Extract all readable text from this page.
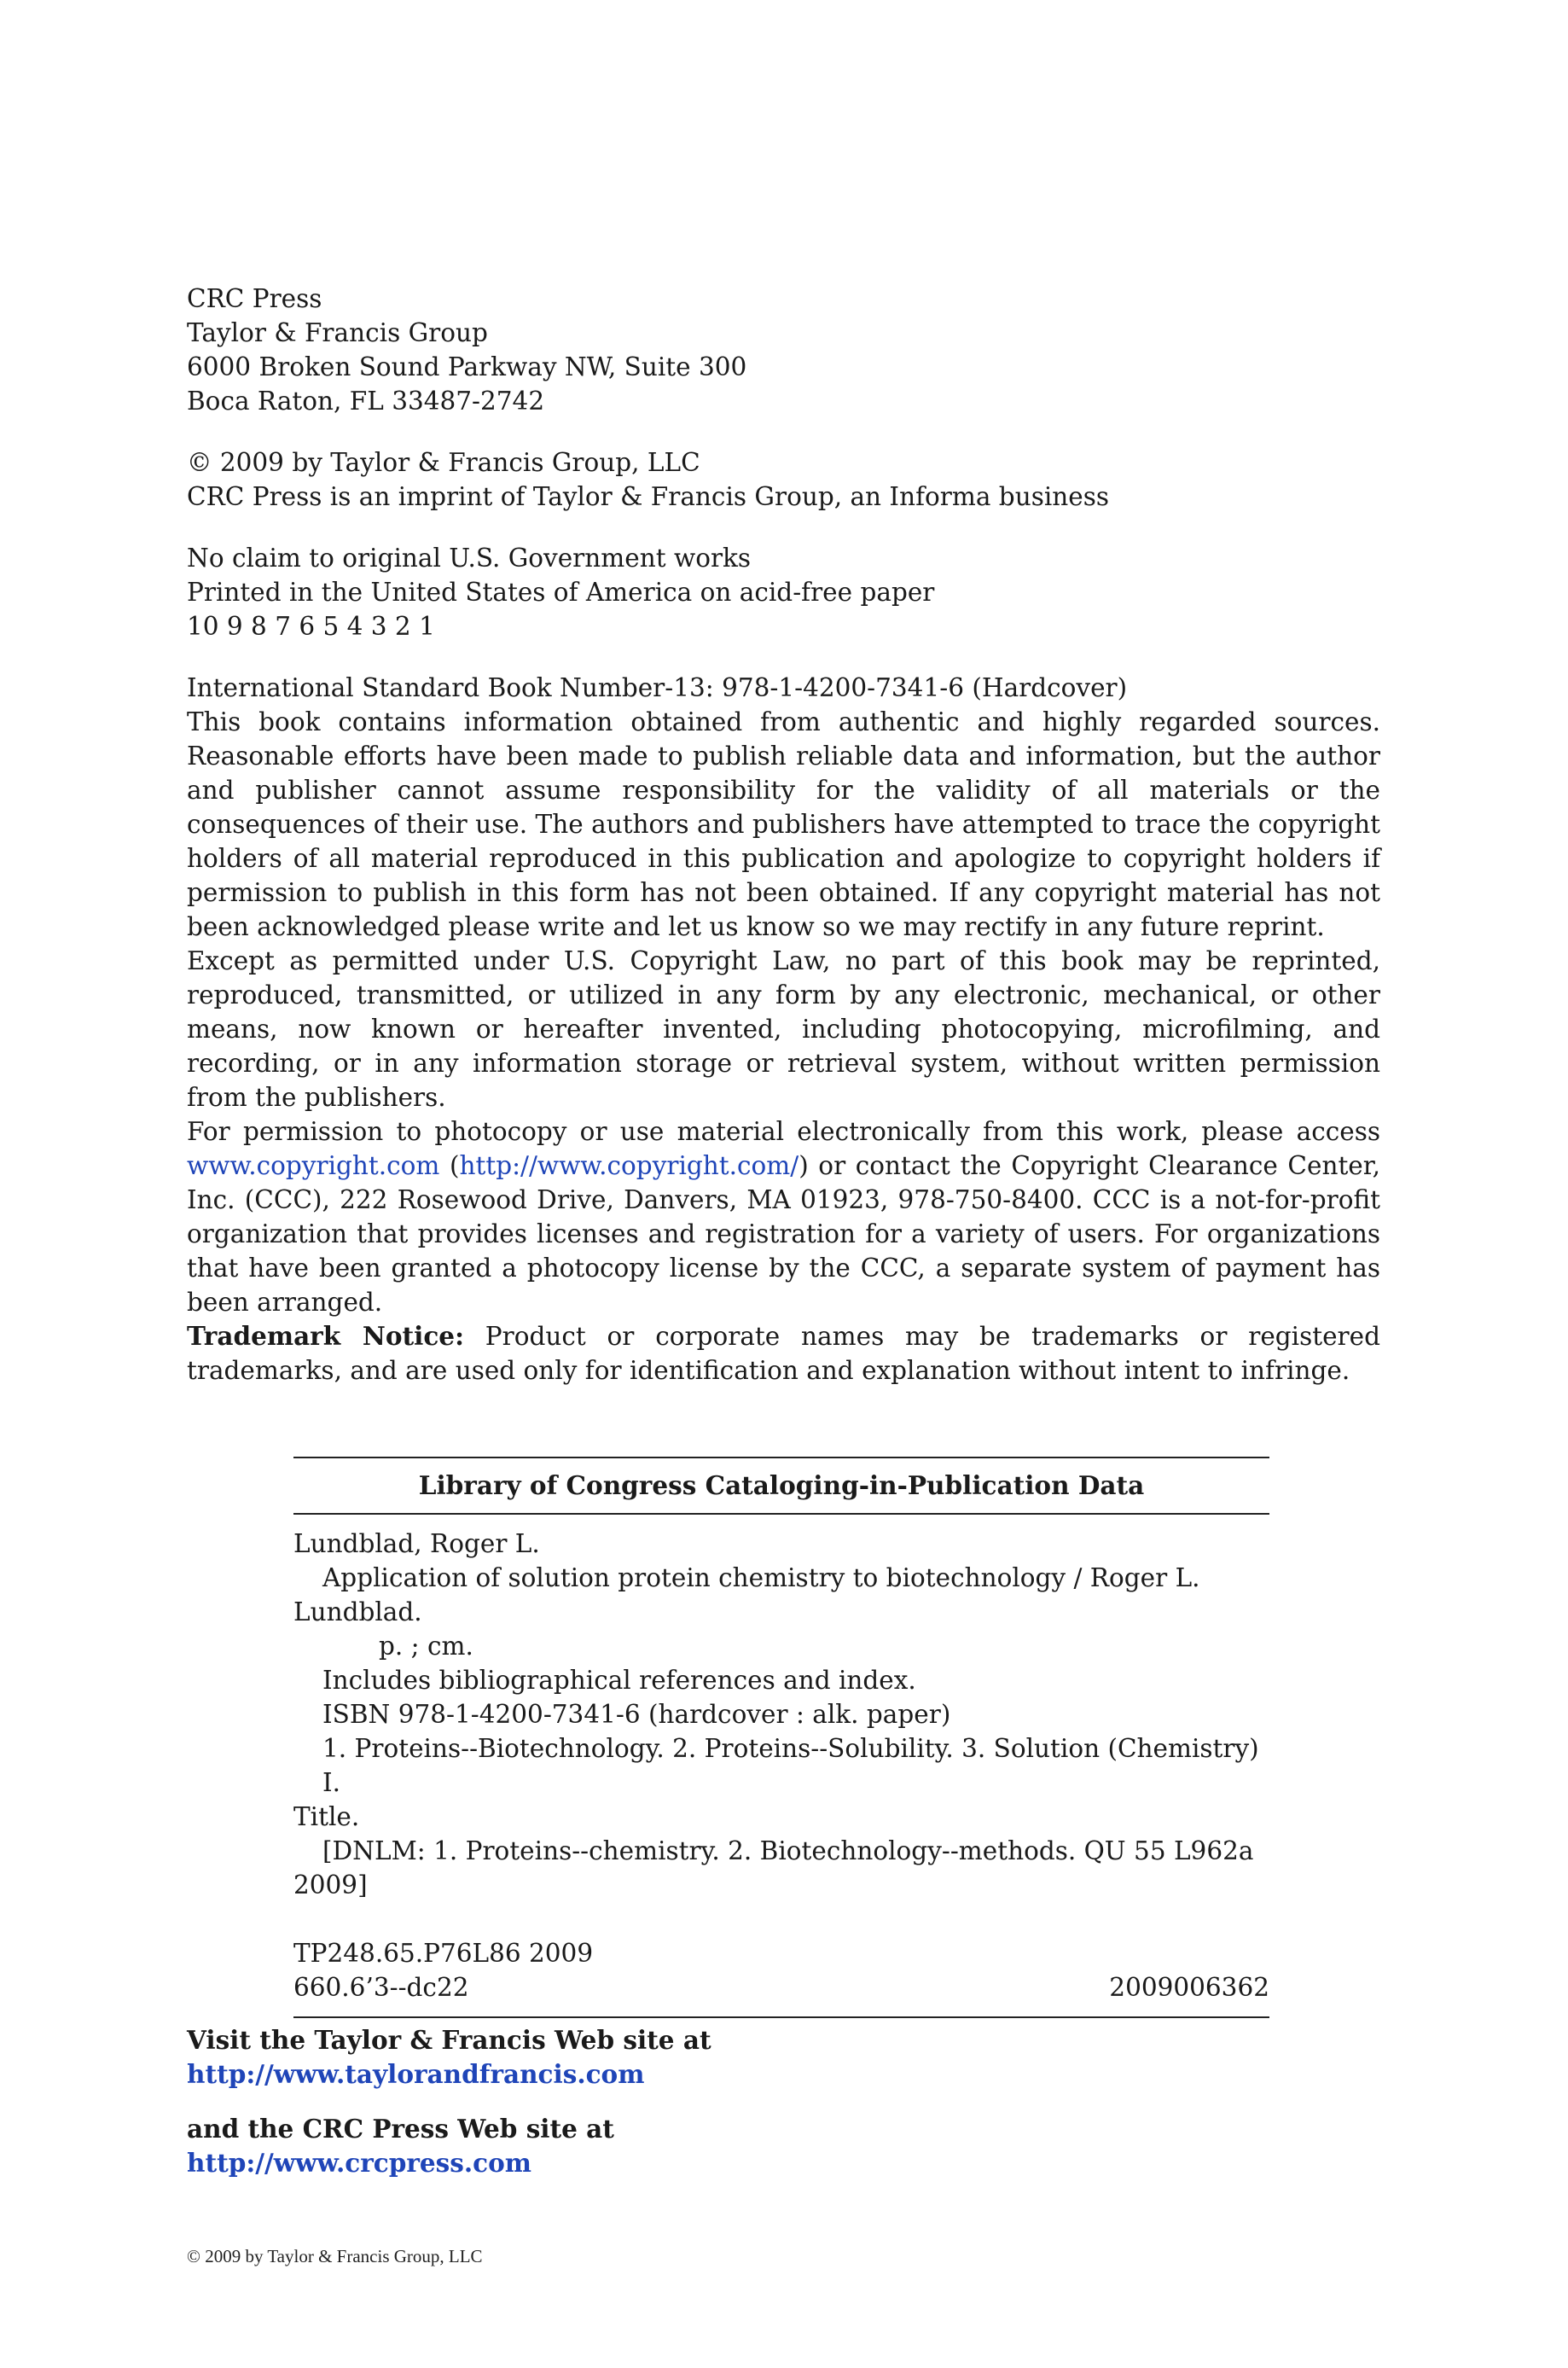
CRC Press

Taylor & Francis Group

6000 Broken Sound Parkway NW, Suite 300

Boca Raton, FL 33487-2742

© 2009 by Taylor & Francis Group, LLC

CRC Press is an imprint of Taylor & Francis Group, an Informa business

No claim to original U.S. Government works

Printed in the United States of America on acid-free paper

10 9 8 7 6 5 4 3 2 1

International Standard Book Number-13: 978-1-4200-7341-6 (Hardcover)

This book contains information obtained from authentic and highly regarded sources. Reasonable efforts have been made to publish reliable data and information, but the author and publisher cannot assume responsibility for the validity of all materials or the consequences of their use. The authors and publishers have attempted to trace the copyright holders of all material reproduced in this publication and apologize to copyright holders if permission to publish in this form has not been obtained. If any copyright material has not been acknowledged please write and let us know so we may rectify in any future reprint.

Except as permitted under U.S. Copyright Law, no part of this book may be reprinted, reproduced, transmitted, or utilized in any form by any electronic, mechanical, or other means, now known or hereafter invented, including photocopying, microfilming, and recording, or in any information storage or retrieval system, without written permission from the publishers.

For permission to photocopy or use material electronically from this work, please access www.copyright.com (http://www.copyright.com/) or contact the Copyright Clearance Center, Inc. (CCC), 222 Rosewood Drive, Danvers, MA 01923, 978-750-8400. CCC is a not-for-profit organization that provides licenses and registration for a variety of users. For organizations that have been granted a photocopy license by the CCC, a separate system of payment has been arranged.

Trademark Notice: Product or corporate names may be trademarks or registered trademarks, and are used only for identification and explanation without intent to infringe.

Library of Congress Cataloging-in-Publication Data

Lundblad, Roger L.

Application of solution protein chemistry to biotechnology / Roger L.

Lundblad.

p. ; cm.

Includes bibliographical references and index.

ISBN 978-1-4200-7341-6 (hardcover : alk. paper)

1. Proteins--Biotechnology. 2. Proteins--Solubility. 3. Solution (Chemistry) I.

Title.

[DNLM: 1. Proteins--chemistry. 2. Biotechnology--methods. QU 55 L962a

2009]

TP248.65.P76L86 2009

660.6’3--dc22	2009006362

Visit the Taylor & Francis Web site at

http://www.taylorandfrancis.com

and the CRC Press Web site at

http://www.crcpress.com

© 2009 by Taylor & Francis Group, LLC
